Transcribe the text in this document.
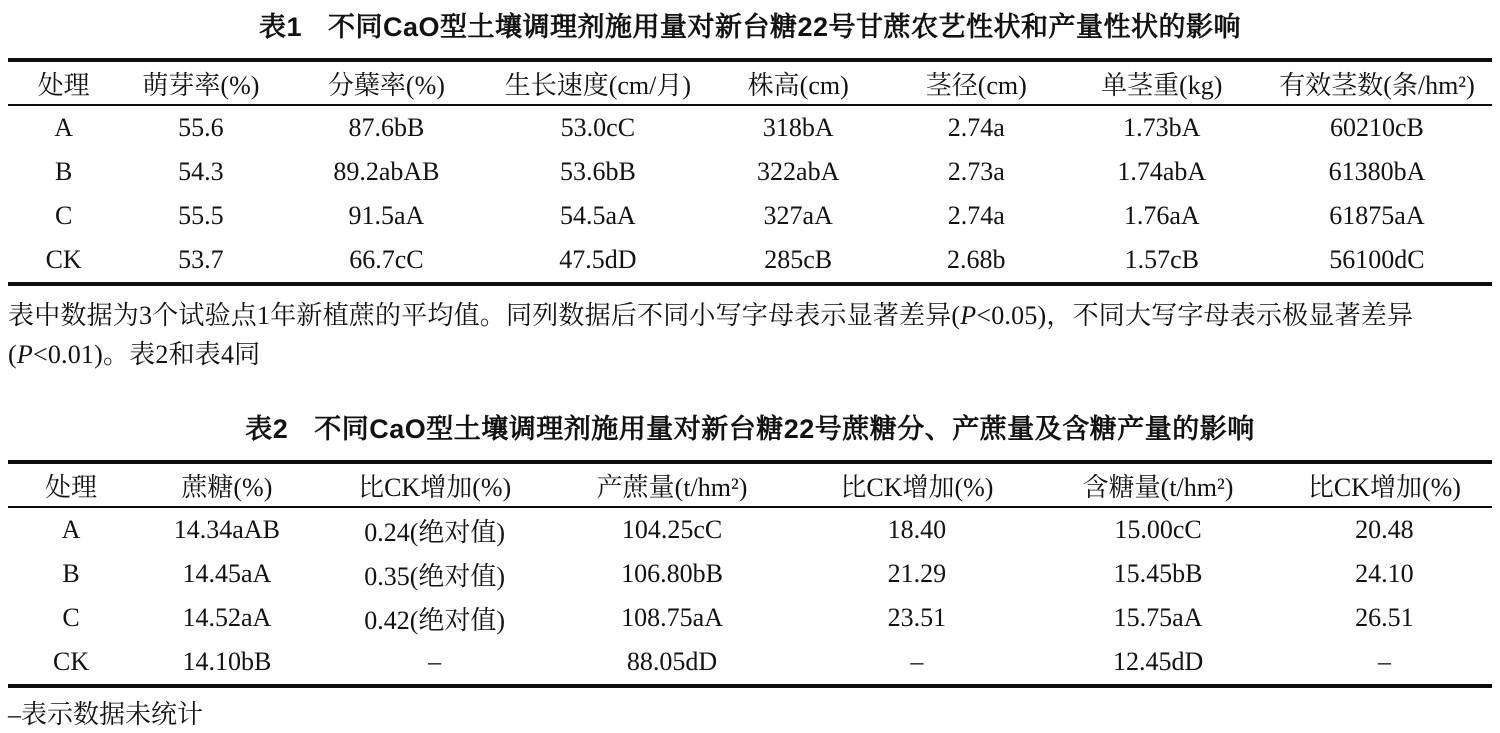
表1 不同CaO型土壤调理剂施用量对新台糖22号甘蔗农艺性状和产量性状的影响
处理	萌芽率(%)	分蘖率(%)	生长速度(cm/月)	株高(cm)	茎径(cm)	单茎重(kg)	有效茎数(条/hm²)
A	55.6	87.6bB	53.0cC	318bA	2.74a	1.73bA	60210cB
B	54.3	89.2abAB	53.6bB	322abA	2.73a	1.74abA	61380bA
C	55.5	91.5aA	54.5aA	327aA	2.74a	1.76aA	61875aA
CK	53.7	66.7cC	47.5dD	285cB	2.68b	1.57cB	56100dC

表中数据为3个试验点1年新植蔗的平均值。同列数据后不同小写字母表示显著差异(P<0.05)，不同大写字母表示极显著差异

(P<0.01)。表2和表4同

表2 不同CaO型土壤调理剂施用量对新台糖22号蔗糖分、产蔗量及含糖产量的影响
处理	蔗糖(%)	比CK增加(%)	产蔗量(t/hm²)	比CK增加(%)	含糖量(t/hm²)	比CK增加(%)
A	14.34aAB	0.24(绝对值)	104.25cC	18.40	15.00cC	20.48
B	14.45aA	0.35(绝对值)	106.80bB	21.29	15.45bB	24.10
C	14.52aA	0.42(绝对值)	108.75aA	23.51	15.75aA	26.51
CK	14.10bB	–	88.05dD	–	12.45dD	–

–表示数据未统计
